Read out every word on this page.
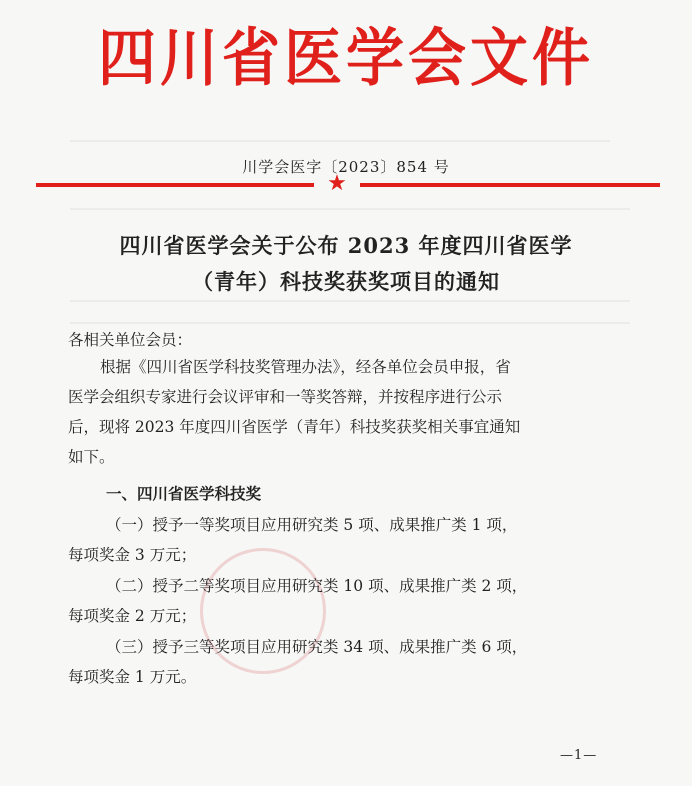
四川省医学会文件
川学会医字〔2023〕854 号
★
四川省医学会关于公布 2023 年度四川省医学
（青年）科技奖获奖项目的通知
各相关单位会员：
根据《四川省医学科技奖管理办法》，经各单位会员申报，省
医学会组织专家进行会议评审和一等奖答辩，并按程序进行公示
后，现将 2023 年度四川省医学（青年）科技奖获奖相关事宜通知
如下。
一、四川省医学科技奖
（一）授予一等奖项目应用研究类 5 项、成果推广类 1 项，
每项奖金 3 万元；
（二）授予二等奖项目应用研究类 10 项、成果推广类 2 项，
每项奖金 2 万元；
（三）授予三等奖项目应用研究类 34 项、成果推广类 6 项，
每项奖金 1 万元。
—1—
